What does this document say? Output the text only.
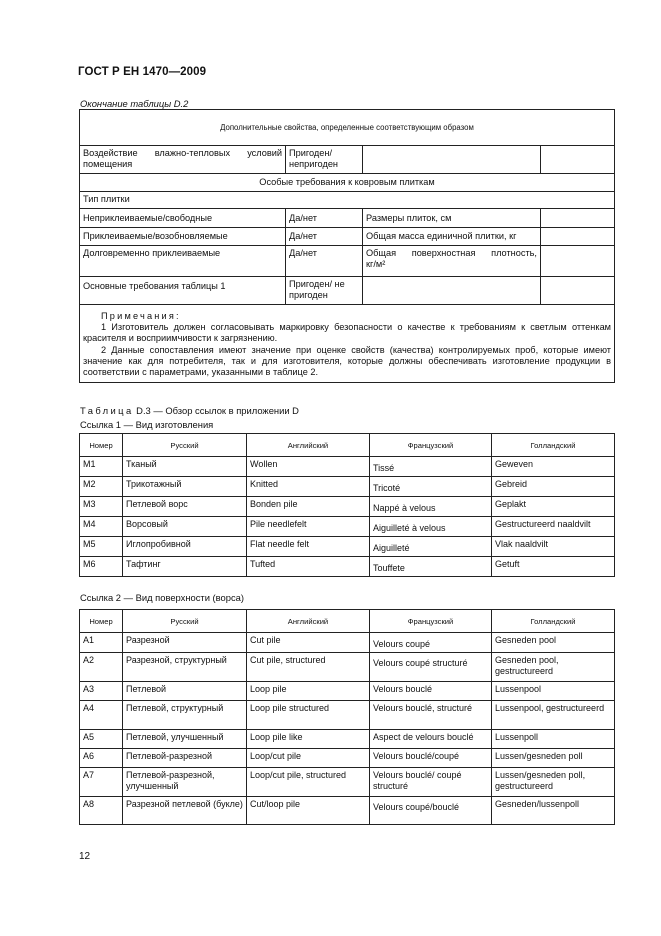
ГОСТ Р ЕН 1470—2009
Окончание таблицы D.2
Дополнительные свойства, определенные соответствующим образом			
Воздействие влажно-тепловых условий помещения	Пригоден/ непригоден		
Особые требования к ковровым плиткам			
Тип плитки			
Неприклеиваемые/свободные	Да/нет	Размеры плиток, см	
Приклеиваемые/возобновляемые	Да/нет	Общая масса единичной плитки, кг	
Долговременно приклеиваемые	Да/нет	Общая поверхностная плотность,
кг/м²	

Основные требования таблицы 1	Пригоден/ не пригоден		

Примечания:

1 Изготовитель должен согласовывать маркировку безопасности о качестве к требованиям к светлым оттенкам красителя и восприимчивости к загрязнению.

2 Данные сопоставления имеют значение при оценке свойств (качества) контролируемых проб, которые имеют значение как для потребителя, так и для изготовителя, которые должны обеспечивать изготовление продукции в соответствии с параметрами, указанными в таблице 2.			

Таблица D.3 — Обзор ссылок в приложении D
Ссылка 1 — Вид изготовления
Номер	Русский	Английский	Французский	Голландский
M1	Тканый	Wollen	Tissé	Geweven
M2	Трикотажный	Knitted	Tricoté	Gebreid
M3	Петлевой ворс	Bonden pile	Nappé à velous	Geplakt
M4	Ворсовый	Pile needlefelt	Aiguilleté à velous	Gestructureerd naaldvilt
M5	Иглопробивной	Flat needle felt	Aiguilleté	Vlak naaldvilt
M6	Тафтинг	Tufted	Touffete	Getuft
Ссылка 2 — Вид поверхности (ворса)
Номер	Русский	Английский	Французский	Голландский
A1	Разрезной	Cut pile	Velours coupé	Gesneden pool
A2	Разрезной, структурный	Cut pile, structured	Velours coupé structuré	Gesneden pool, gestructureerd
A3	Петлевой	Loop pile	Velours bouclé	Lussenpool
A4	Петлевой, структурный	Loop pile structured	Velours bouclé, structuré	Lussenpool, gestructureerd
A5	Петлевой, улучшенный	Loop pile like	Aspect de velours bouclé	Lussenpoll
A6	Петлевой-разрезной	Loop/cut pile	Velours bouclé/coupé	Lussen/gesneden poll
A7	Петлевой-разрезной, улучшенный	Loop/cut pile, structured	Velours bouclé/ coupé structuré	Lussen/gesneden poll, gestructureerd
A8	Разрезной петлевой (букле)	Cut/loop pile	Velours coupé/bouclé	Gesneden/lussenpoll
12
